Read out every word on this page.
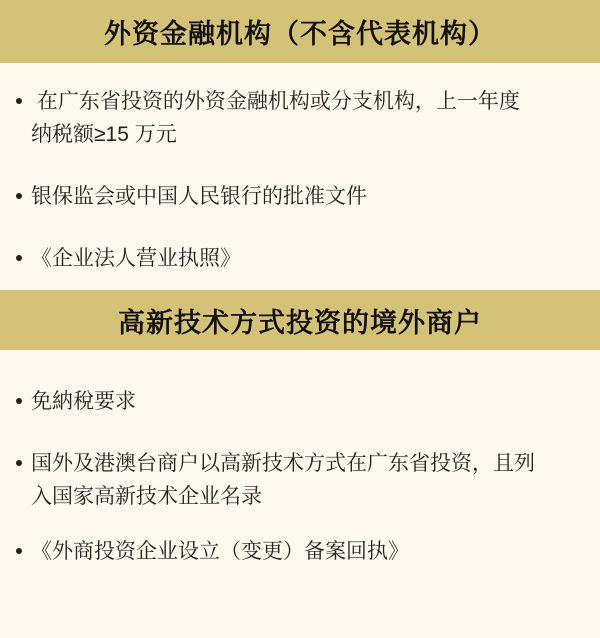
外资金融机构（不含代表机构）
在广东省投资的外资金融机构或分支机构，上一年度纳税额≥15 万元
银保监会或中国人民银行的批准文件
《企业法人营业执照》
高新技术方式投资的境外商户
免納稅要求
国外及港澳台商户以高新技术方式在广东省投资，且列入国家高新技术企业名录
《外商投资企业设立（变更）备案回执》
